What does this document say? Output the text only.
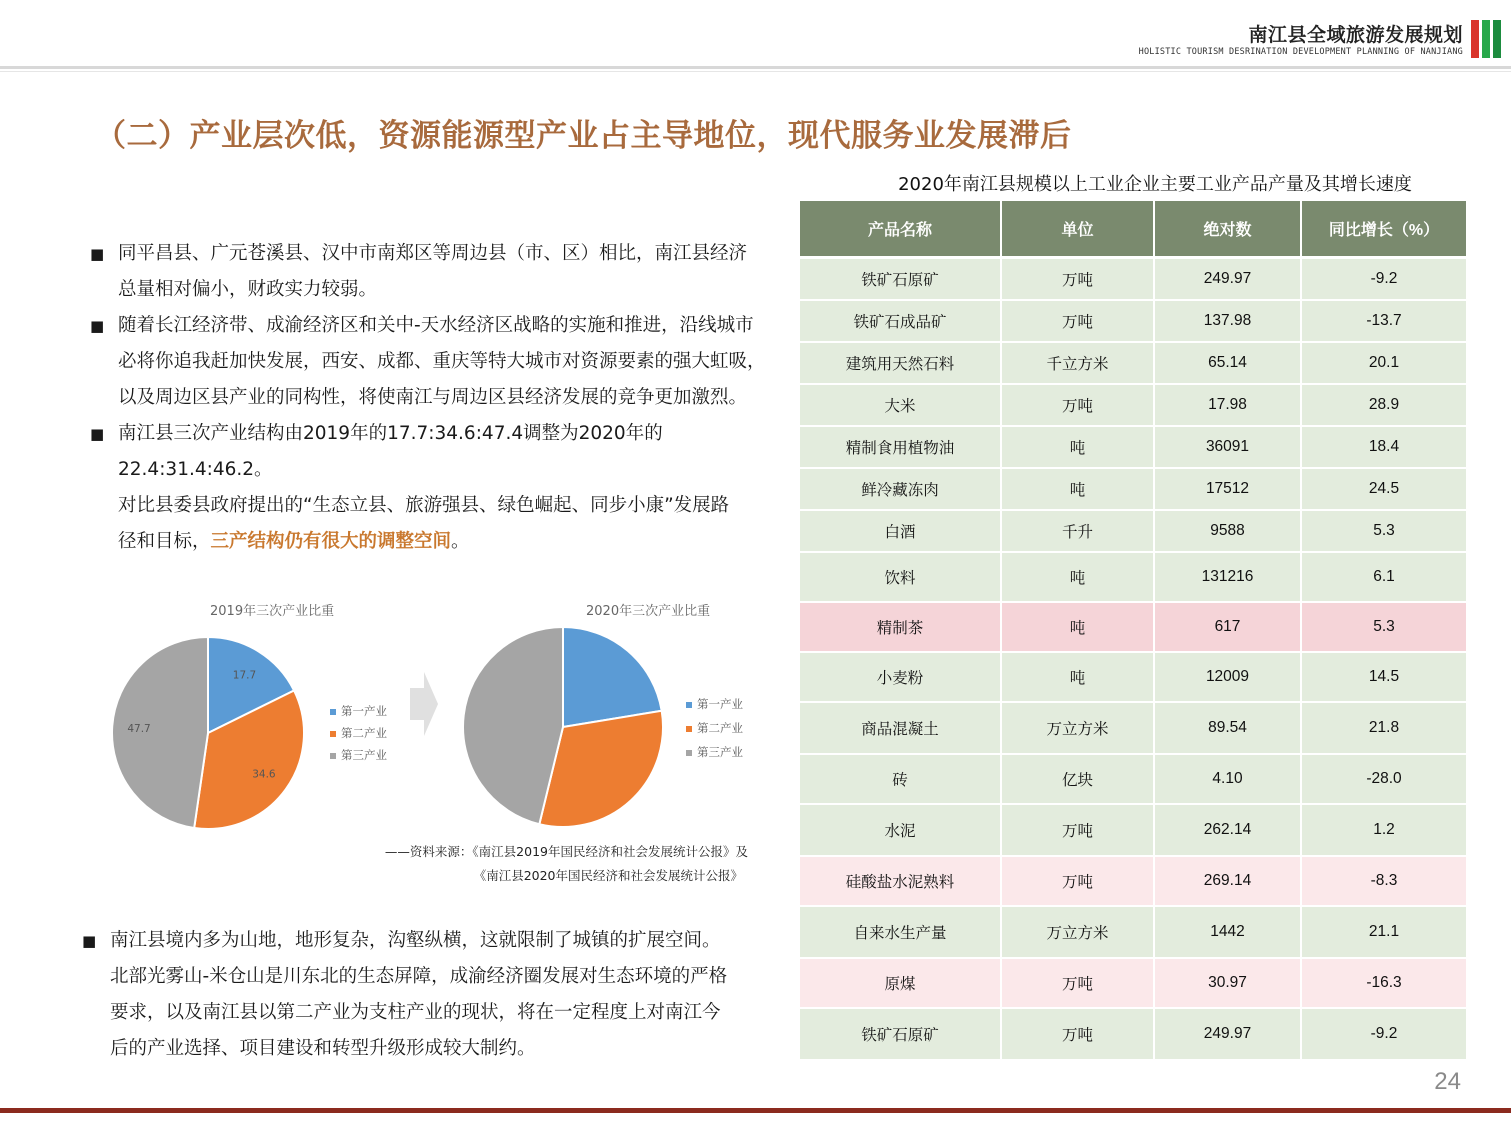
南江县全域旅游发展规划
HOLISTIC TOURISM DESRINATION DEVELOPMENT PLANNING OF NANJIANG
（二）产业层次低，资源能源型产业占主导地位，现代服务业发展滞后
■ 同平昌县、广元苍溪县、汉中市南郑区等周边县（市、区）相比，南江县经济
总量相对偏小，财政实力较弱。
■ 随着长江经济带、成渝经济区和关中-天水经济区战略的实施和推进，沿线城市
必将你追我赶加快发展，西安、成都、重庆等特大城市对资源要素的强大虹吸，
以及周边区县产业的同构性，将使南江与周边区县经济发展的竞争更加激烈。
■ 南江县三次产业结构由2019年的17.7:34.6:47.4调整为2020年的22.4:31.4:46.2。
对比县委县政府提出的“生态立县、旅游强县、绿色崛起、同步小康”发展路
径和目标，三产结构仍有很大的调整空间。
2019年三次产业比重
17.7
34.6
47.7
第一产业
第二产业
第三产业
2020年三次产业比重
第一产业
第二产业
第三产业
——资料来源：《南江县2019年国民经济和社会发展统计公报》及
《南江县2020年国民经济和社会发展统计公报》
■ 南江县境内多为山地，地形复杂，沟壑纵横，这就限制了城镇的扩展空间。
北部光雾山-米仓山是川东北的生态屏障，成渝经济圈发展对生态环境的严格
要求，以及南江县以第二产业为支柱产业的现状，将在一定程度上对南江今
后的产业选择、项目建设和转型升级形成较大制约。
2020年南江县规模以上工业企业主要工业产品产量及其增长速度
产品名称	单位	绝对数	同比增长（%）
铁矿石原矿	万吨	249.97	-9.2
铁矿石成品矿	万吨	137.98	-13.7
建筑用天然石料	千立方米	65.14	20.1
大米	万吨	17.98	28.9
精制食用植物油	吨	36091	18.4
鲜冷藏冻肉	吨	17512	24.5
白酒	千升	9588	5.3
饮料	吨	131216	6.1
精制茶	吨	617	5.3
小麦粉	吨	12009	14.5
商品混凝土	万立方米	89.54	21.8
砖	亿块	4.10	-28.0
水泥	万吨	262.14	1.2
硅酸盐水泥熟料	万吨	269.14	-8.3
自来水生产量	万立方米	1442	21.1
原煤	万吨	30.97	-16.3
铁矿石原矿	万吨	249.97	-9.2
24
